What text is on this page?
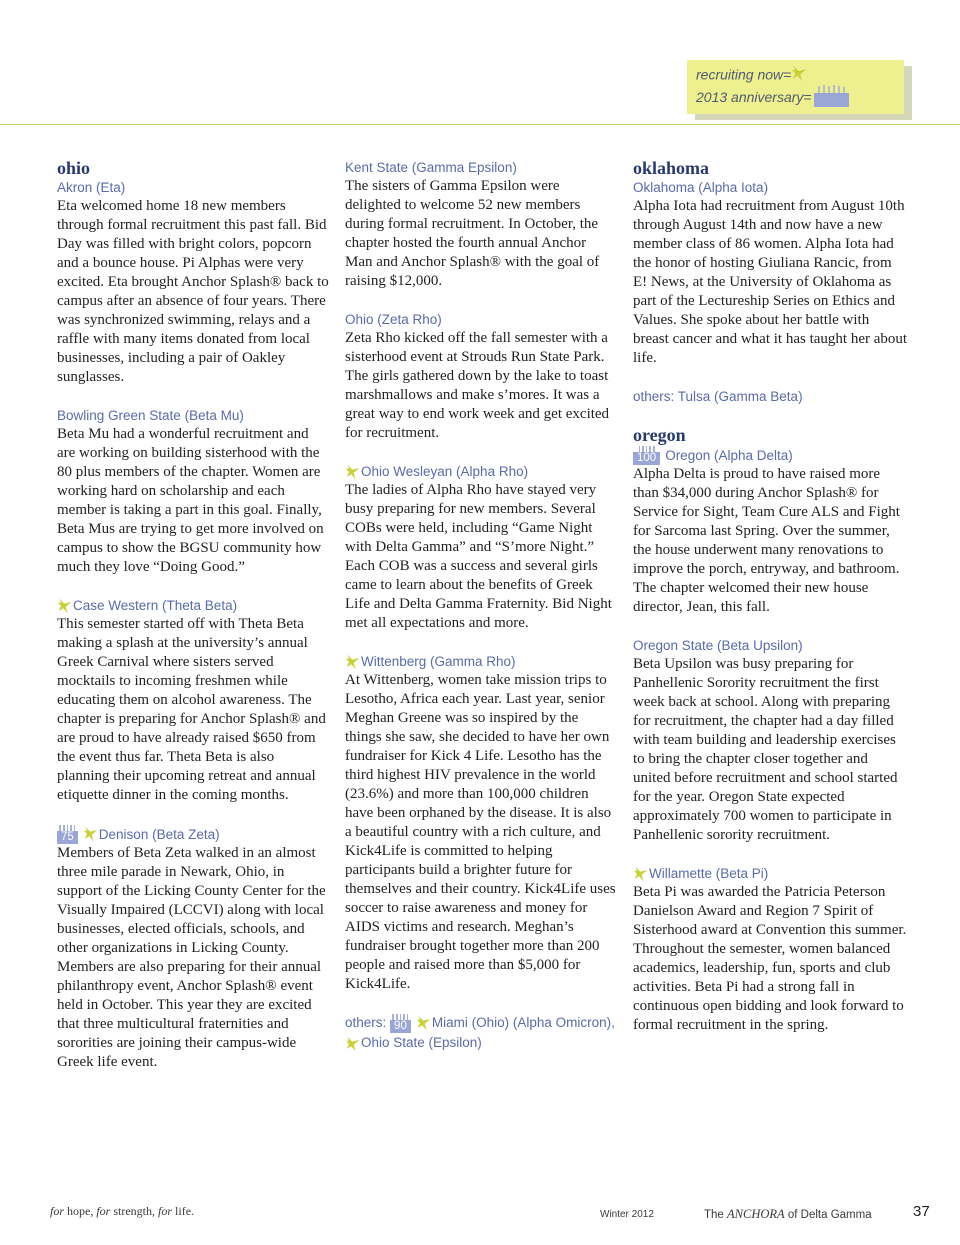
recruiting now=
2013 anniversary=
ohio
Akron (Eta)
Eta welcomed home 18 new members through formal recruitment this past fall. Bid Day was filled with bright colors, popcorn and a bounce house. Pi Alphas were very excited. Eta brought Anchor Splash® back to campus after an absence of four years. There was synchronized swimming, relays and a raffle with many items donated from local businesses, including a pair of Oakley sunglasses.
Bowling Green State (Beta Mu)
Beta Mu had a wonderful recruitment and are working on building sisterhood with the 80 plus members of the chapter. Women are working hard on scholarship and each member is taking a part in this goal. Finally, Beta Mus are trying to get more involved on campus to show the BGSU community how much they love “Doing Good.”
Case Western (Theta Beta)
This semester started off with Theta Beta making a splash at the university’s annual Greek Carnival where sisters served mocktails to incoming freshmen while educating them on alcohol awareness. The chapter is preparing for Anchor Splash® and are proud to have already raised $650 from the event thus far. Theta Beta is also planning their upcoming retreat and annual etiquette dinner in the coming months.
75 Denison (Beta Zeta)
Members of Beta Zeta walked in an almost three mile parade in Newark, Ohio, in support of the Licking County Center for the Visually Impaired (LCCVI) along with local businesses, elected officials, schools, and other organizations in Licking County. Members are also preparing for their annual philanthropy event, Anchor Splash® event held in October. This year they are excited that three multicultural fraternities and sororities are joining their campus-wide Greek life event.
Kent State (Gamma Epsilon)
The sisters of Gamma Epsilon were delighted to welcome 52 new members during formal recruitment. In October, the chapter hosted the fourth annual Anchor Man and Anchor Splash® with the goal of raising $12,000.
Ohio (Zeta Rho)
Zeta Rho kicked off the fall semester with a sisterhood event at Strouds Run State Park. The girls gathered down by the lake to toast marshmallows and make s’mores. It was a great way to end work week and get excited for recruitment.
Ohio Wesleyan (Alpha Rho)
The ladies of Alpha Rho have stayed very busy preparing for new members. Several COBs were held, including “Game Night with Delta Gamma” and “S’more Night.” Each COB was a success and several girls came to learn about the benefits of Greek Life and Delta Gamma Fraternity. Bid Night met all expectations and more.
Wittenberg (Gamma Rho)
At Wittenberg, women take mission trips to Lesotho, Africa each year. Last year, senior Meghan Greene was so inspired by the things she saw, she decided to have her own fundraiser for Kick 4 Life. Lesotho has the third highest HIV prevalence in the world (23.6%) and more than 100,000 children have been orphaned by the disease. It is also a beautiful country with a rich culture, and Kick4Life is committed to helping participants build a brighter future for themselves and their country. Kick4Life uses soccer to raise awareness and money for AIDS victims and research. Meghan’s fundraiser brought together more than 200 people and raised more than $5,000 for Kick4Life.
others: 90 Miami (Ohio) (Alpha Omicron), Ohio State (Epsilon)
oklahoma
Oklahoma (Alpha Iota)
Alpha Iota had recruitment from August 10th through August 14th and now have a new member class of 86 women. Alpha Iota had the honor of hosting Giuliana Rancic, from E! News, at the University of Oklahoma as part of the Lectureship Series on Ethics and Values. She spoke about her battle with breast cancer and what it has taught her about life.
others: Tulsa (Gamma Beta)
oregon
100 Oregon (Alpha Delta)
Alpha Delta is proud to have raised more than $34,000 during Anchor Splash® for Service for Sight, Team Cure ALS and Fight for Sarcoma last Spring. Over the summer, the house underwent many renovations to improve the porch, entryway, and bathroom. The chapter welcomed their new house director, Jean, this fall.
Oregon State (Beta Upsilon)
Beta Upsilon was busy preparing for Panhellenic Sorority recruitment the first week back at school. Along with preparing for recruitment, the chapter had a day filled with team building and leadership exercises to bring the chapter closer together and united before recruitment and school started for the year. Oregon State expected approximately 700 women to participate in Panhellenic sorority recruitment.
Willamette (Beta Pi)
Beta Pi was awarded the Patricia Peterson Danielson Award and Region 7 Spirit of Sisterhood award at Convention this summer. Throughout the semester, women balanced academics, leadership, fun, sports and club activities. Beta Pi had a strong fall in continuous open bidding and look forward to formal recruitment in the spring.
for hope, for strength, for life.	Winter 2012	The ANCHORA of Delta Gamma	37
